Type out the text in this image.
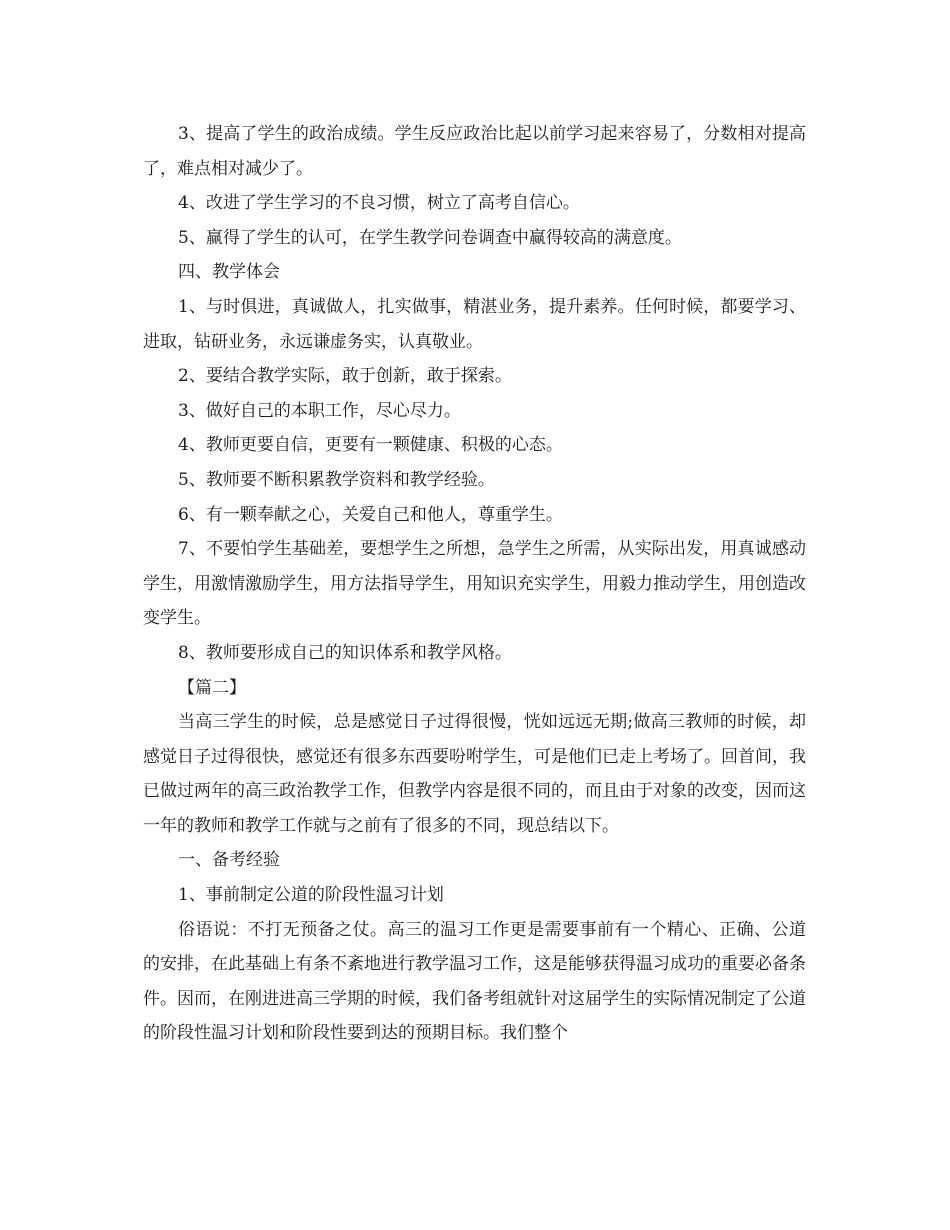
3、提高了学生的政治成绩。学生反应政治比起以前学习起来容易了，分数相对提高了，难点相对减少了。

4、改进了学生学习的不良习惯，树立了高考自信心。

5、赢得了学生的认可，在学生教学问卷调查中赢得较高的满意度。

四、教学体会

1、与时俱进，真诚做人，扎实做事，精湛业务，提升素养。任何时候，都要学习、进取，钻研业务，永远谦虚务实，认真敬业。

2、要结合教学实际，敢于创新，敢于探索。

3、做好自己的本职工作，尽心尽力。

4、教师更要自信，更要有一颗健康、积极的心态。

5、教师要不断积累教学资料和教学经验。

6、有一颗奉献之心，关爱自己和他人，尊重学生。

7、不要怕学生基础差，要想学生之所想，急学生之所需，从实际出发，用真诚感动学生，用激情激励学生，用方法指导学生，用知识充实学生，用毅力推动学生，用创造改变学生。

8、教师要形成自己的知识体系和教学风格。

【篇二】

当高三学生的时候，总是感觉日子过得很慢，恍如远远无期;做高三教师的时候，却感觉日子过得很快，感觉还有很多东西要吩咐学生，可是他们已走上考场了。回首间，我已做过两年的高三政治教学工作，但教学内容是很不同的，而且由于对象的改变，因而这一年的教师和教学工作就与之前有了很多的不同，现总结以下。

一、备考经验

1、事前制定公道的阶段性温习计划

俗语说：不打无预备之仗。高三的温习工作更是需要事前有一个精心、正确、公道的安排，在此基础上有条不紊地进行教学温习工作，这是能够获得温习成功的重要必备条件。因而，在刚进进高三学期的时候，我们备考组就针对这届学生的实际情况制定了公道的阶段性温习计划和阶段性要到达的预期目标。我们整个
